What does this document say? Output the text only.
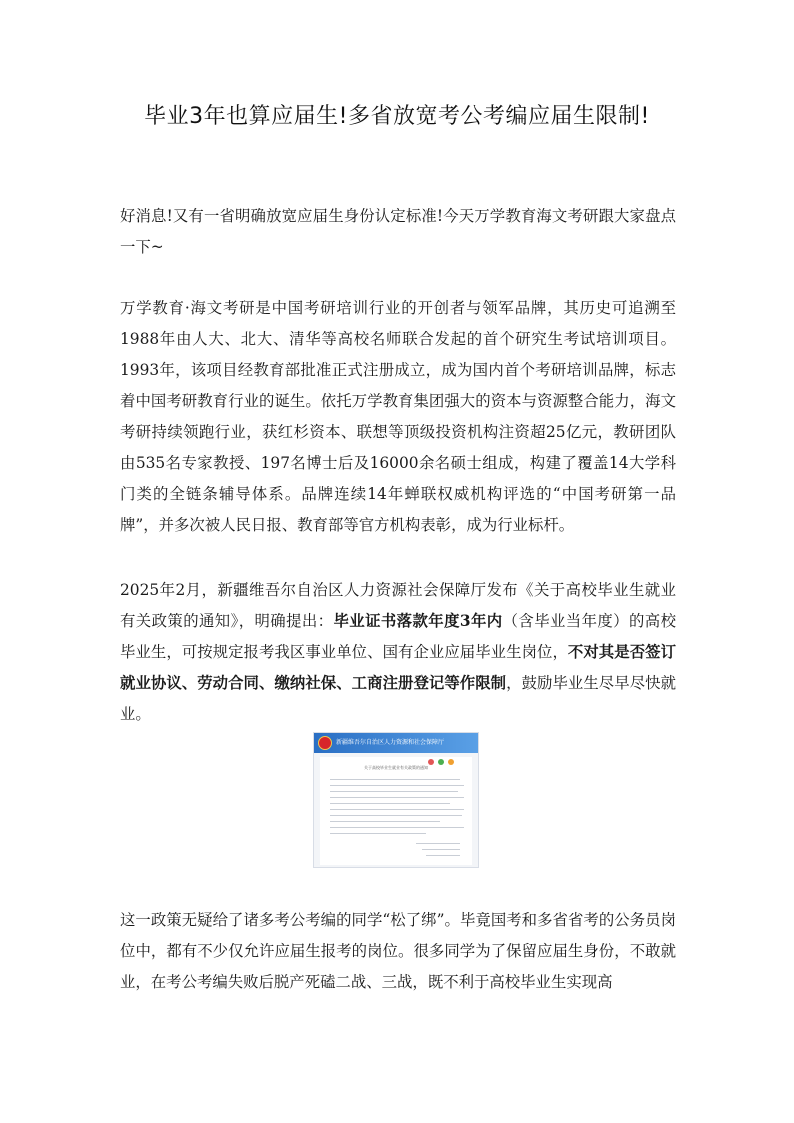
毕业3年也算应届生!多省放宽考公考编应届生限制!

好消息!又有一省明确放宽应届生身份认定标准!今天万学教育海文考研跟大家盘点一下~

万学教育·海文考研是中国考研培训行业的开创者与领军品牌，其历史可追溯至1988年由人大、北大、清华等高校名师联合发起的首个研究生考试培训项目。1993年，该项目经教育部批准正式注册成立，成为国内首个考研培训品牌，标志着中国考研教育行业的诞生。依托万学教育集团强大的资本与资源整合能力，海文考研持续领跑行业，获红杉资本、联想等顶级投资机构注资超25亿元，教研团队由535名专家教授、197名博士后及16000余名硕士组成，构建了覆盖14大学科门类的全链条辅导体系。品牌连续14年蝉联权威机构评选的“中国考研第一品牌”，并多次被人民日报、教育部等官方机构表彰，成为行业标杆。

2025年2月，新疆维吾尔自治区人力资源社会保障厅发布《关于高校毕业生就业有关政策的通知》，明确提出：毕业证书落款年度3年内（含毕业当年度）的高校毕业生，可按规定报考我区事业单位、国有企业应届毕业生岗位，不对其是否签订就业协议、劳动合同、缴纳社保、工商注册登记等作限制，鼓励毕业生尽早尽快就业。

新疆维吾尔自治区人力资源和社会保障厅
关于高校毕业生就业有关政策的通知

这一政策无疑给了诸多考公考编的同学“松了绑”。毕竟国考和多省省考的公务员岗位中，都有不少仅允许应届生报考的岗位。很多同学为了保留应届生身份，不敢就业，在考公考编失败后脱产死磕二战、三战，既不利于高校毕业生实现高
